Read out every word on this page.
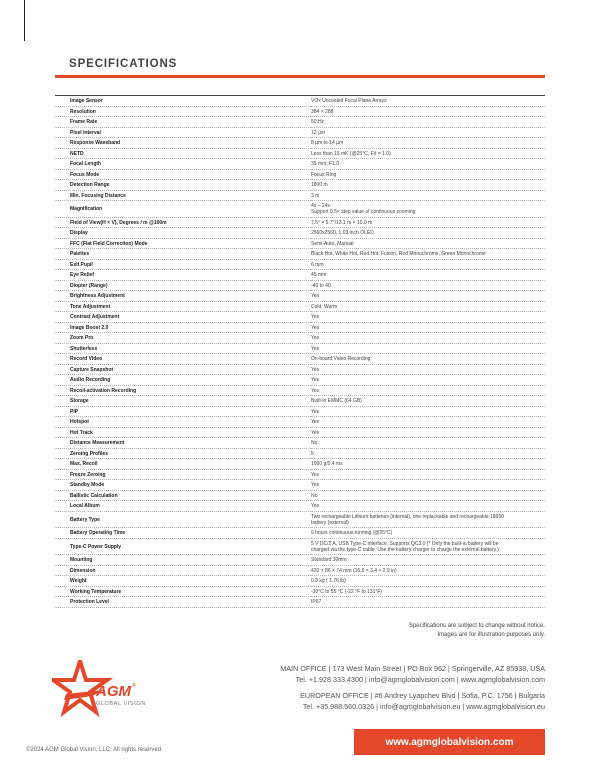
SPECIFICATIONS
Image Sensor	VOx Uncooled Focal Plane Arrays

Resolution	384 × 288

Frame Rate	50 Hz

Pixel Interval	12 µm

Response Waveband	8 µm to 14 µm

NETD	Less than 15 mK (@25°C, F# = 1.0)

Focal Length	35 mm, F1.0

Focus Mode	Focus Ring

Detection Range	1800 m

Min. Focusing Distance	3 m

Magnification	4x – 24x
Support 0.5× step value of continuous zooming

Field of View(H × V), Degrees / m @100m	7.5° × 5.7°/13.1 m × 10.0 m

Display	2560x2560, 1.03 inch OLED

FFC (Flat Field Correction) Mode	Semi-Auto, Manual

Palettes	Black Hot, White Hot, Red Hot, Fusion, Red Monochrome, Green Monochrome

Exit Pupil	6 mm

Eye Relief	45 mm

Diopter (Range)	-40 to 40

Brightness Adjustment	Yes

Tone Adjustment	Cold, Warm

Contrast Adjustment	Yes

Image Boost 2.0	Yes

Zoom Pro	Yes

Shutterless	Yes

Record Video	On-board Video Recording

Capture Snapshot	Yes

Audio Recording	Yes

Recoil-activation Recording	Yes

Storage	Built-in EMMC (64 GB)

PIP	Yes

Hotspot	Yes

Hot Track	Yes

Distance Measurement	No

Zeroing Profiles	5

Max. Recoil	1000 g/0.4 ms

Freeze Zeroing	Yes

Standby Mode	Yes

Ballistic Calculation	No

Local Album	Yes

Battery Type	Two rechargeable Lithium batteries (internal), one replaceable and rechargeable 18650
battery (external)

Battery Operating Time	9 hours continuous running (@25°C)

Type-C Power Supply	5 V DC/2 A, USB Type-C interface, Supports QC3.0 (* Only the built-in battery will be
charged via the type-C cable. Use the battery charger to charge the external battery.)

Mounting	Standard 30mm

Dimension	420 × 86 × 74 mm (16.5 × 3.4 × 2.9 in)

Weight	0.8 kg ( 1.76 lb)

Working Temperature	-30°C to 55 °C (-22 °F to 131°F)

Protection Level	IP67
Specifications are subject to change without notice.
Images are for illustration purposes only.
AGM ®
GLOBAL VISION
MAIN OFFICE | 173 West Main Street | PO Box 962 | Springerville, AZ 85938, USA
Tel. +1.928.333.4300 | info@agmglobalvision.com | www.agmglobalvision.com
EUROPEAN OFFICE | #6 Andrey Lyapchev Blvd | Sofia, P.C. 1756 | Bulgaria
Tel. +35.988.560.0326 | info@agmglobalvision.eu | www.agmglobalvision.eu
©2024 AGM Global Vision, LLC. All rights reserved.
www.agmglobalvision.com
